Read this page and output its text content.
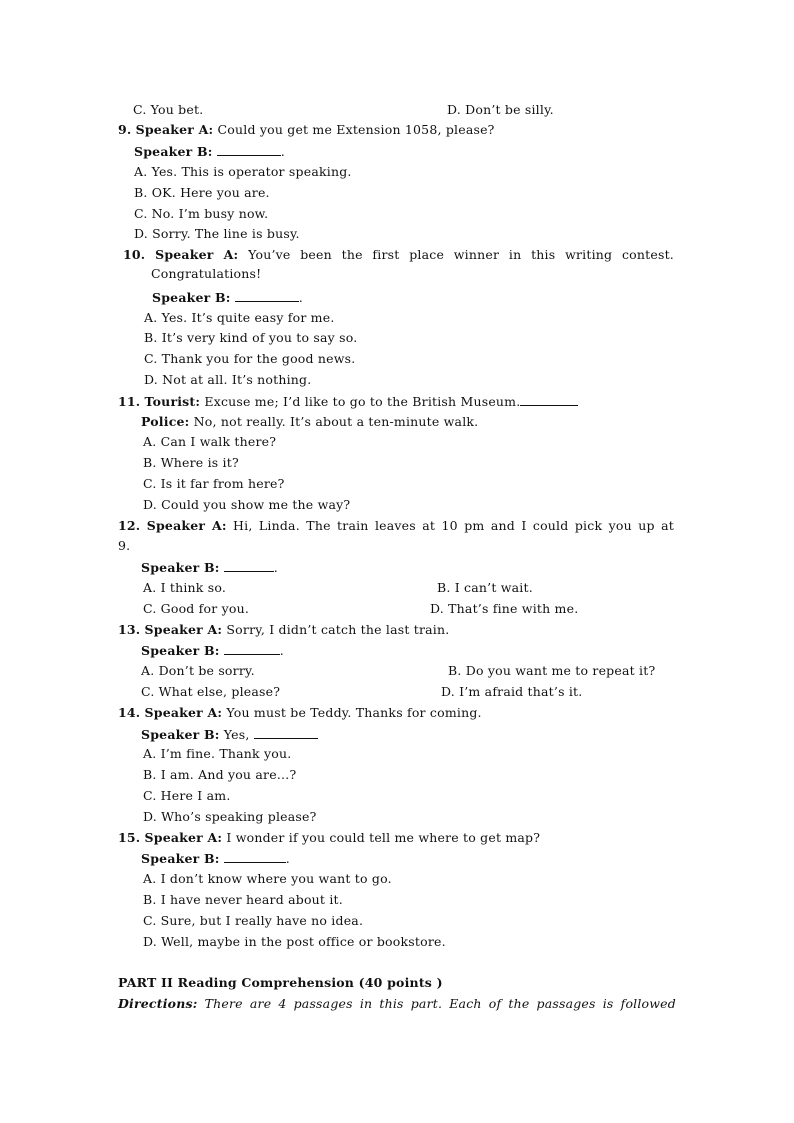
C. You bet.	D. Don’t be silly.
9. Speaker A: Could you get me Extension 1058, please?
Speaker B:	.
A. Yes. This is operator speaking.
B. OK. Here you are.
C. No. I’m busy now.
D. Sorry. The line is busy.
10. Speaker A: You’ve been the first place winner in this writing contest.
Congratulations!
Speaker B:	.
A. Yes. It’s quite easy for me.
B. It’s very kind of you to say so.
C. Thank you for the good news.
D. Not at all. It’s nothing.
11. Tourist: Excuse me; I’d like to go to the British Museum.
Police: No, not really. It’s about a ten-minute walk.
A. Can I walk there?
B. Where is it?
C. Is it far from here?
D. Could you show me the way?
12. Speaker A: Hi, Linda. The train leaves at 10 pm and I could pick you up at
9.
Speaker B:	.
A. I think so.	B. I can’t wait.
C. Good for you.	D. That’s fine with me.
13. Speaker A: Sorry, I didn’t catch the last train.
Speaker B:	.
A. Don’t be sorry.	B. Do you want me to repeat it?
C. What else, please?	D. I’m afraid that’s it.
14. Speaker A: You must be Teddy. Thanks for coming.
Speaker B: Yes,
A. I’m fine. Thank you.
B. I am. And you are…?
C. Here I am.
D. Who’s speaking please?
15. Speaker A: I wonder if you could tell me where to get map?
Speaker B:	.
A. I don’t know where you want to go.
B. I have never heard about it.
C. Sure, but I really have no idea.
D. Well, maybe in the post office or bookstore.
PART II Reading Comprehension (40 points )
Directions: There are 4 passages in this part. Each of the passages is followed
